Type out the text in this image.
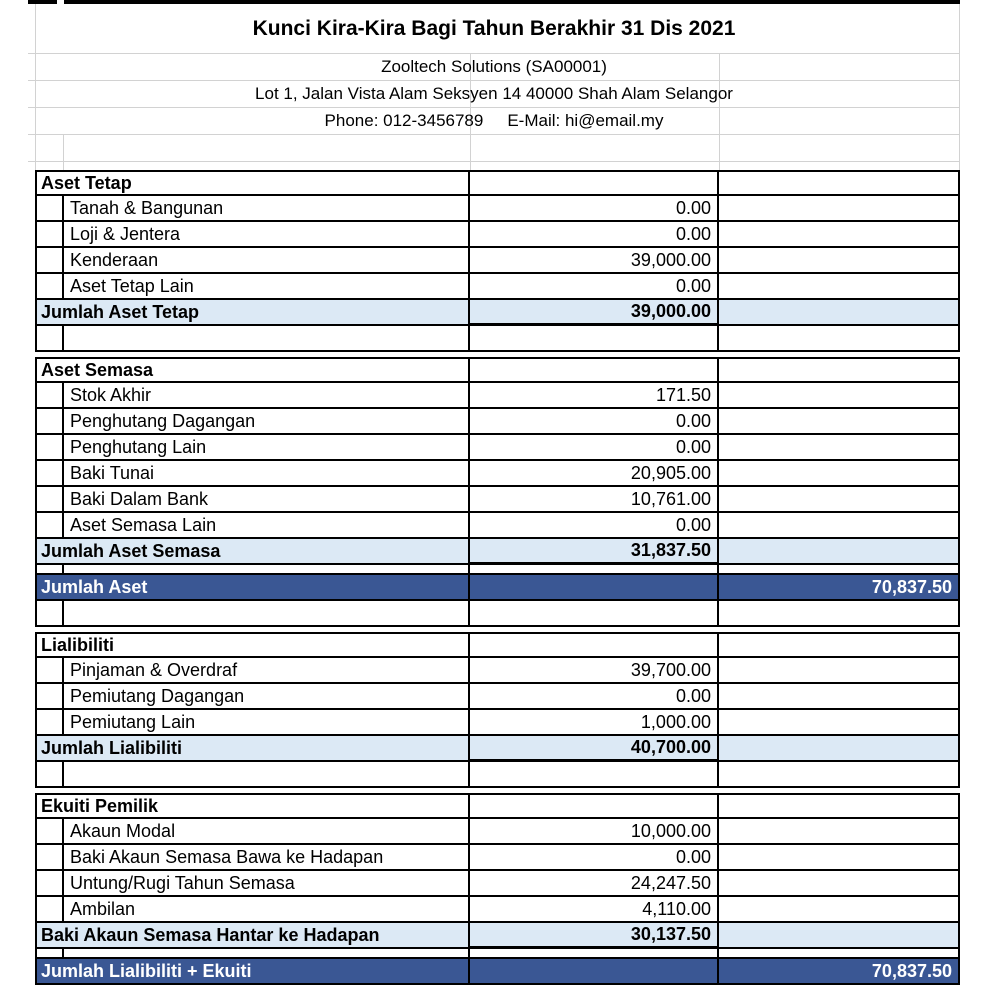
Kunci Kira-Kira Bagi Tahun Berakhir 31 Dis 2021
Zooltech Solutions (SA00001)
Lot 1, Jalan Vista Alam Seksyen 14 40000 Shah Alam Selangor
Phone: 012-3456789 E-Mail: hi@email.my
Aset Tetap
Tanah & Bangunan	0.00
Loji & Jentera	0.00
Kenderaan	39,000.00
Aset Tetap Lain	0.00
Jumlah Aset Tetap	39,000.00
Aset Semasa
Stok Akhir	171.50
Penghutang Dagangan	0.00
Penghutang Lain	0.00
Baki Tunai	20,905.00
Baki Dalam Bank	10,761.00
Aset Semasa Lain	0.00
Jumlah Aset Semasa	31,837.50
Jumlah Aset	70,837.50
Lialibiliti
Pinjaman & Overdraf	39,700.00
Pemiutang Dagangan	0.00
Pemiutang Lain	1,000.00
Jumlah Lialibiliti	40,700.00
Ekuiti Pemilik
Akaun Modal	10,000.00
Baki Akaun Semasa Bawa ke Hadapan	0.00
Untung/Rugi Tahun Semasa	24,247.50
Ambilan	4,110.00
Baki Akaun Semasa Hantar ke Hadapan	30,137.50
Jumlah Lialibiliti + Ekuiti	70,837.50
